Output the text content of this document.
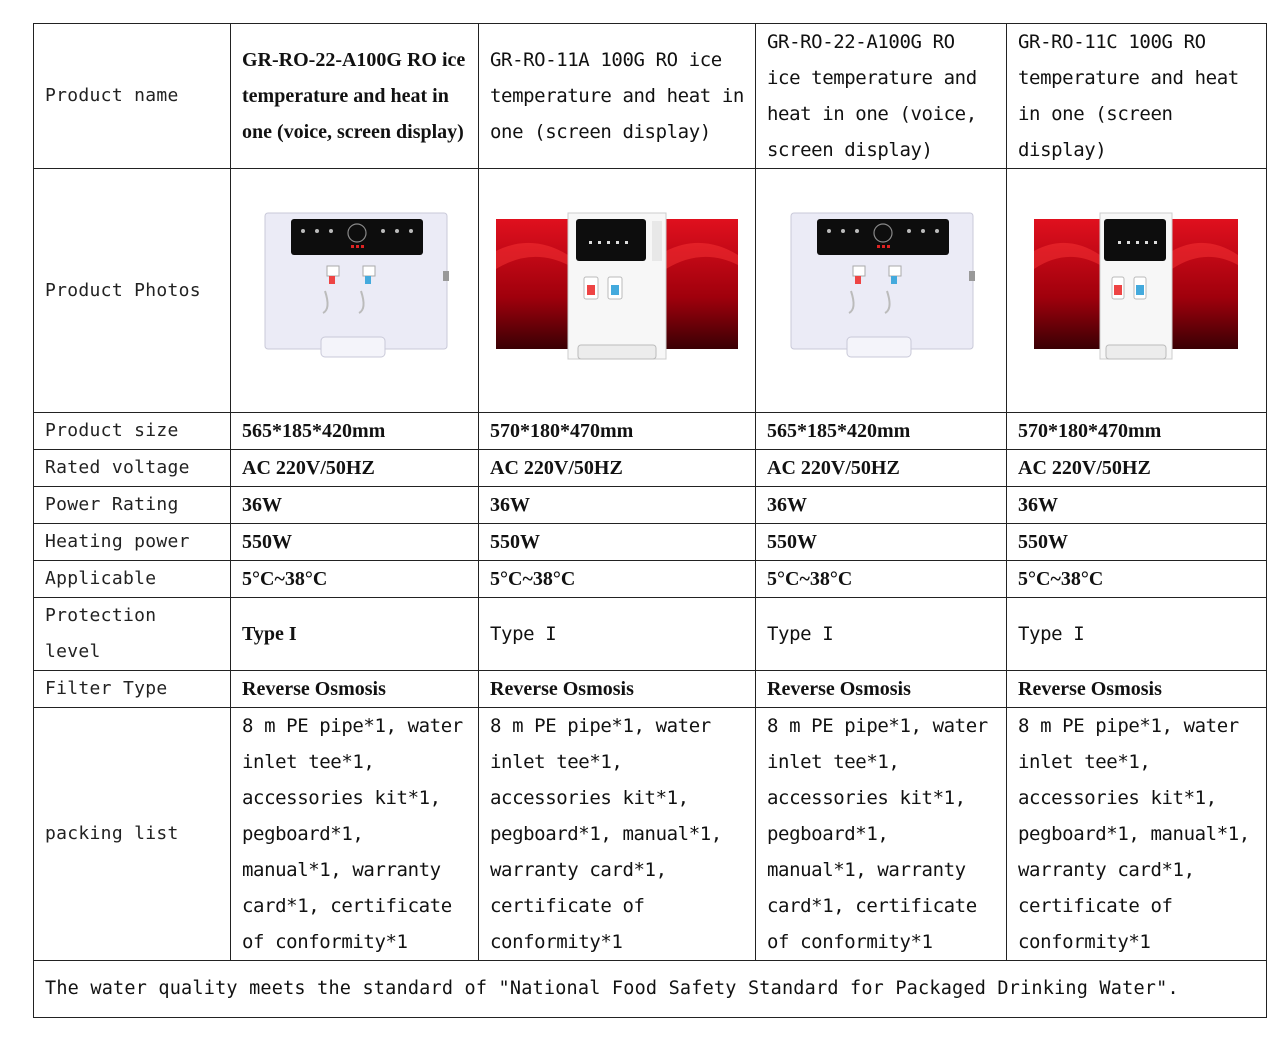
Product name	GR-RO-22-A100G RO ice temperature and heat in one (voice, screen display)	GR-RO-11A 100G RO ice temperature and heat in one (screen display)	GR-RO-22-A100G RO ice temperature and heat in one (voice, screen display)	GR-RO-11C 100G RO temperature and heat in one (screen display)
Product Photos	

Product size	565*185*420mm	570*180*470mm	565*185*420mm	570*180*470mm
Rated voltage	AC 220V/50HZ	AC 220V/50HZ	AC 220V/50HZ	AC 220V/50HZ
Power Rating	36W	36W	36W	36W
Heating power	550W	550W	550W	550W
Applicable	5°C~38°C	5°C~38°C	5°C~38°C	5°C~38°C
Protection level	Type I	Type I	Type I	Type I
Filter Type	Reverse Osmosis	Reverse Osmosis	Reverse Osmosis	Reverse Osmosis
packing list	8 m PE pipe*1, water inlet tee*1, accessories kit*1, pegboard*1, manual*1, warranty card*1, certificate of conformity*1	8 m PE pipe*1, water inlet tee*1, accessories kit*1, pegboard*1, manual*1, warranty card*1, certificate of conformity*1	8 m PE pipe*1, water inlet tee*1, accessories kit*1, pegboard*1, manual*1, warranty card*1, certificate of conformity*1	8 m PE pipe*1, water inlet tee*1, accessories kit*1, pegboard*1, manual*1, warranty card*1, certificate of conformity*1
The water quality meets the standard of "National Food Safety Standard for Packaged Drinking Water".				
